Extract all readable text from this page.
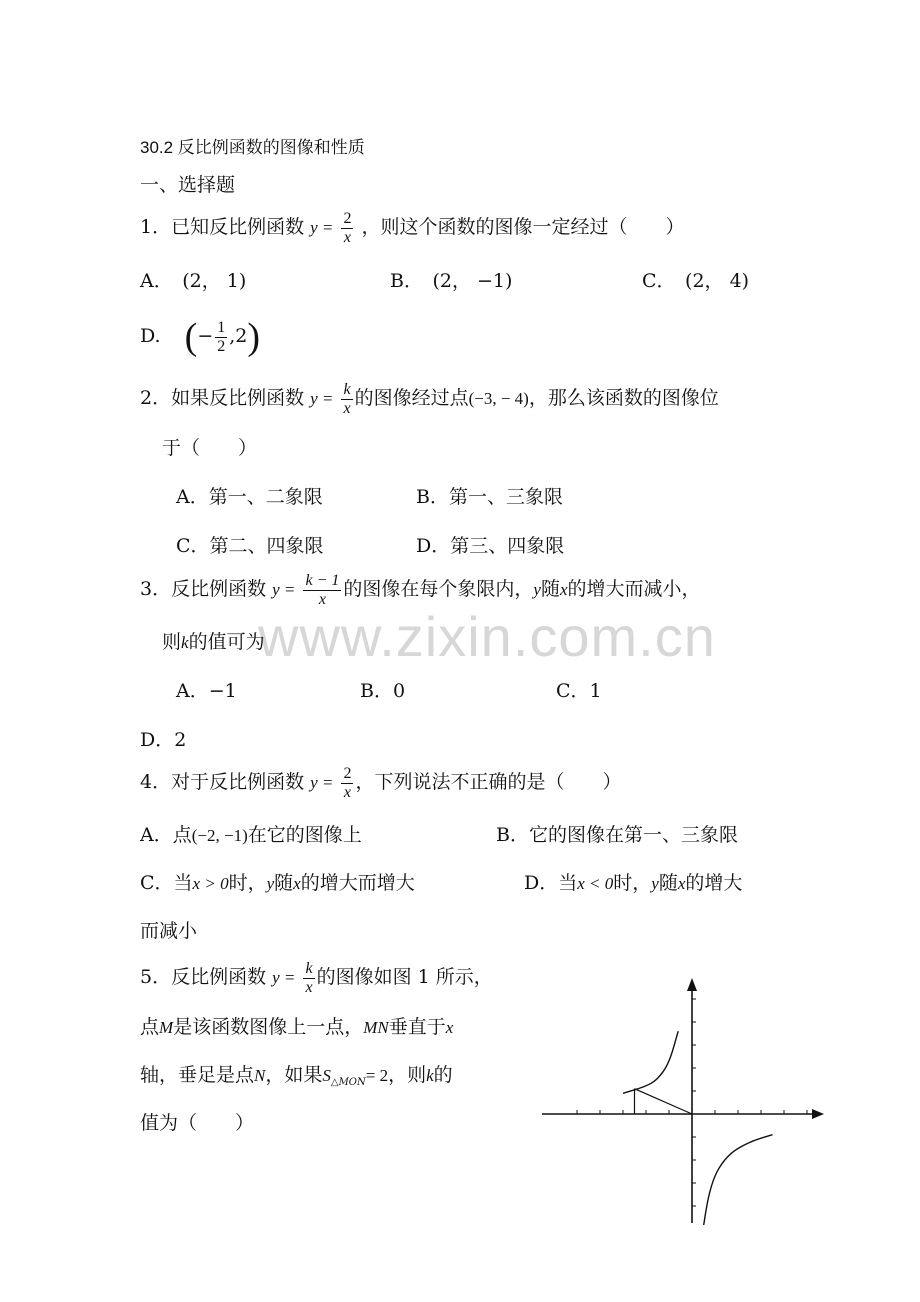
www.zixin.com.cn
30.2 反比例函数的图像和性质
一、选择题
1．已知反比例函数 $y = \frac{2}{x}$ ，则这个函数的图像一定经过（　　）
A．　(2， 1)	B．　(2， −1)	C．　(2， 4)
D. (− $\frac{1}{2} ,2$)
2．如果反比例函数 $y = \frac{k}{x}$ 的图像经过点(−3, − 4)，那么该函数的图像位
于（　　）
A．第一、二象限	B．第一、三象限
C．第二、四象限	D．第三、四象限
3．反比例函数 $y = \frac{k - 1}{x}$ 的图像在每个象限内，y随x的增大而减小，
则k的值可为
A．−1	B．0	C．1
D．2
4．对于反比例函数 $y = \frac{2}{x}$ ，下列说法不正确的是（　　）
A．点(−2, −1)在它的图像上	B．它的图像在第一、三象限
C．当x > 0时，y随x的增大而增大	D．当x < 0时，y随x的增大
而减小
5．反比例函数 $y = \frac{k}{x}$ 的图像如图 1 所示，
点M是该函数图像上一点，MN垂直于x
轴，垂足是点N，如果$S_{\triangle MON}= 2$，则k的
值为（　　）
